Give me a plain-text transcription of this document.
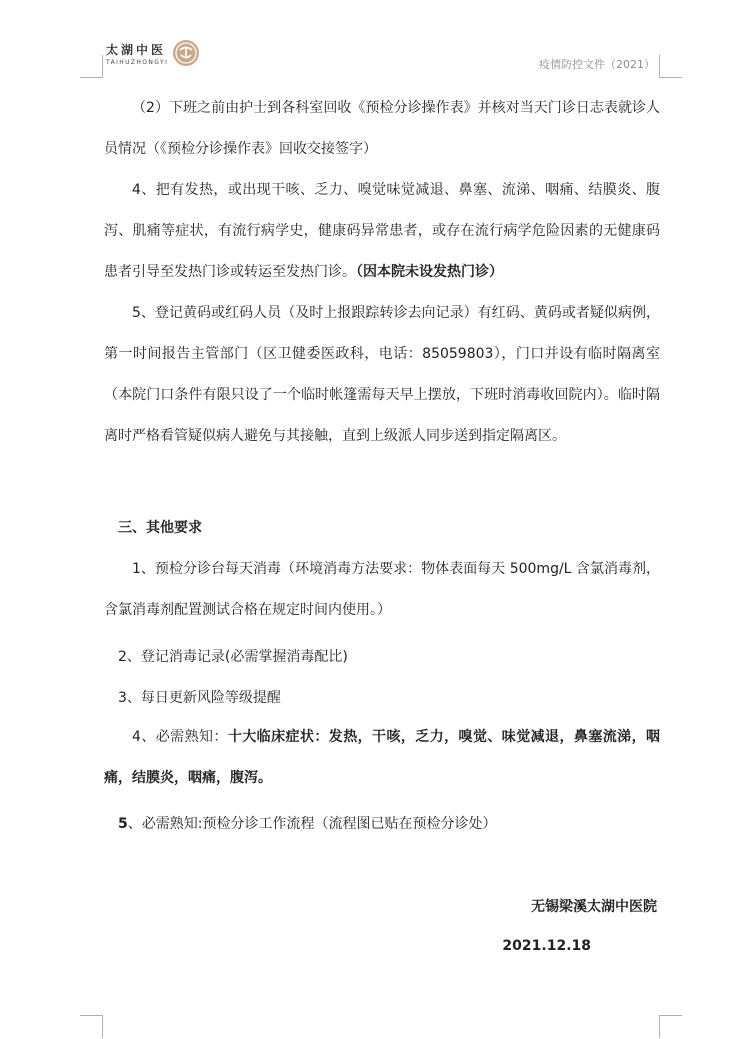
太湖中医
TAIHUZHONGYI	疫情防控文件（2021）

（2）下班之前由护士到各科室回收《预检分诊操作表》并核对当天门诊日志表就诊人员情况（《预检分诊操作表》回收交接签字）

4、把有发热，或出现干咳、乏力、嗅觉味觉减退、鼻塞、流涕、咽痛、结膜炎、腹泻、肌痛等症状，有流行病学史，健康码异常患者，或存在流行病学危险因素的无健康码患者引导至发热门诊或转运至发热门诊。（因本院未设发热门诊）

5、登记黄码或红码人员（及时上报跟踪转诊去向记录）有红码、黄码或者疑似病例，第一时间报告主管部门（区卫健委医政科，电话：85059803），门口并设有临时隔离室（本院门口条件有限只设了一个临时帐篷需每天早上摆放，下班时消毒收回院内）。临时隔离时严格看管疑似病人避免与其接触，直到上级派人同步送到指定隔离区。

三、其他要求

1、预检分诊台每天消毒（环境消毒方法要求：物体表面每天 500mg/L 含氯消毒剂，含氯消毒剂配置测试合格在规定时间内使用。）

2、登记消毒记录(必需掌握消毒配比)
3、每日更新风险等级提醒

4、必需熟知：十大临床症状：发热，干咳，乏力，嗅觉、味觉减退，鼻塞流涕，咽痛，结膜炎，咽痛，腹泻。

5、必需熟知:预检分诊工作流程（流程图已贴在预检分诊处）
无锡梁溪太湖中医院
2021.12.18
